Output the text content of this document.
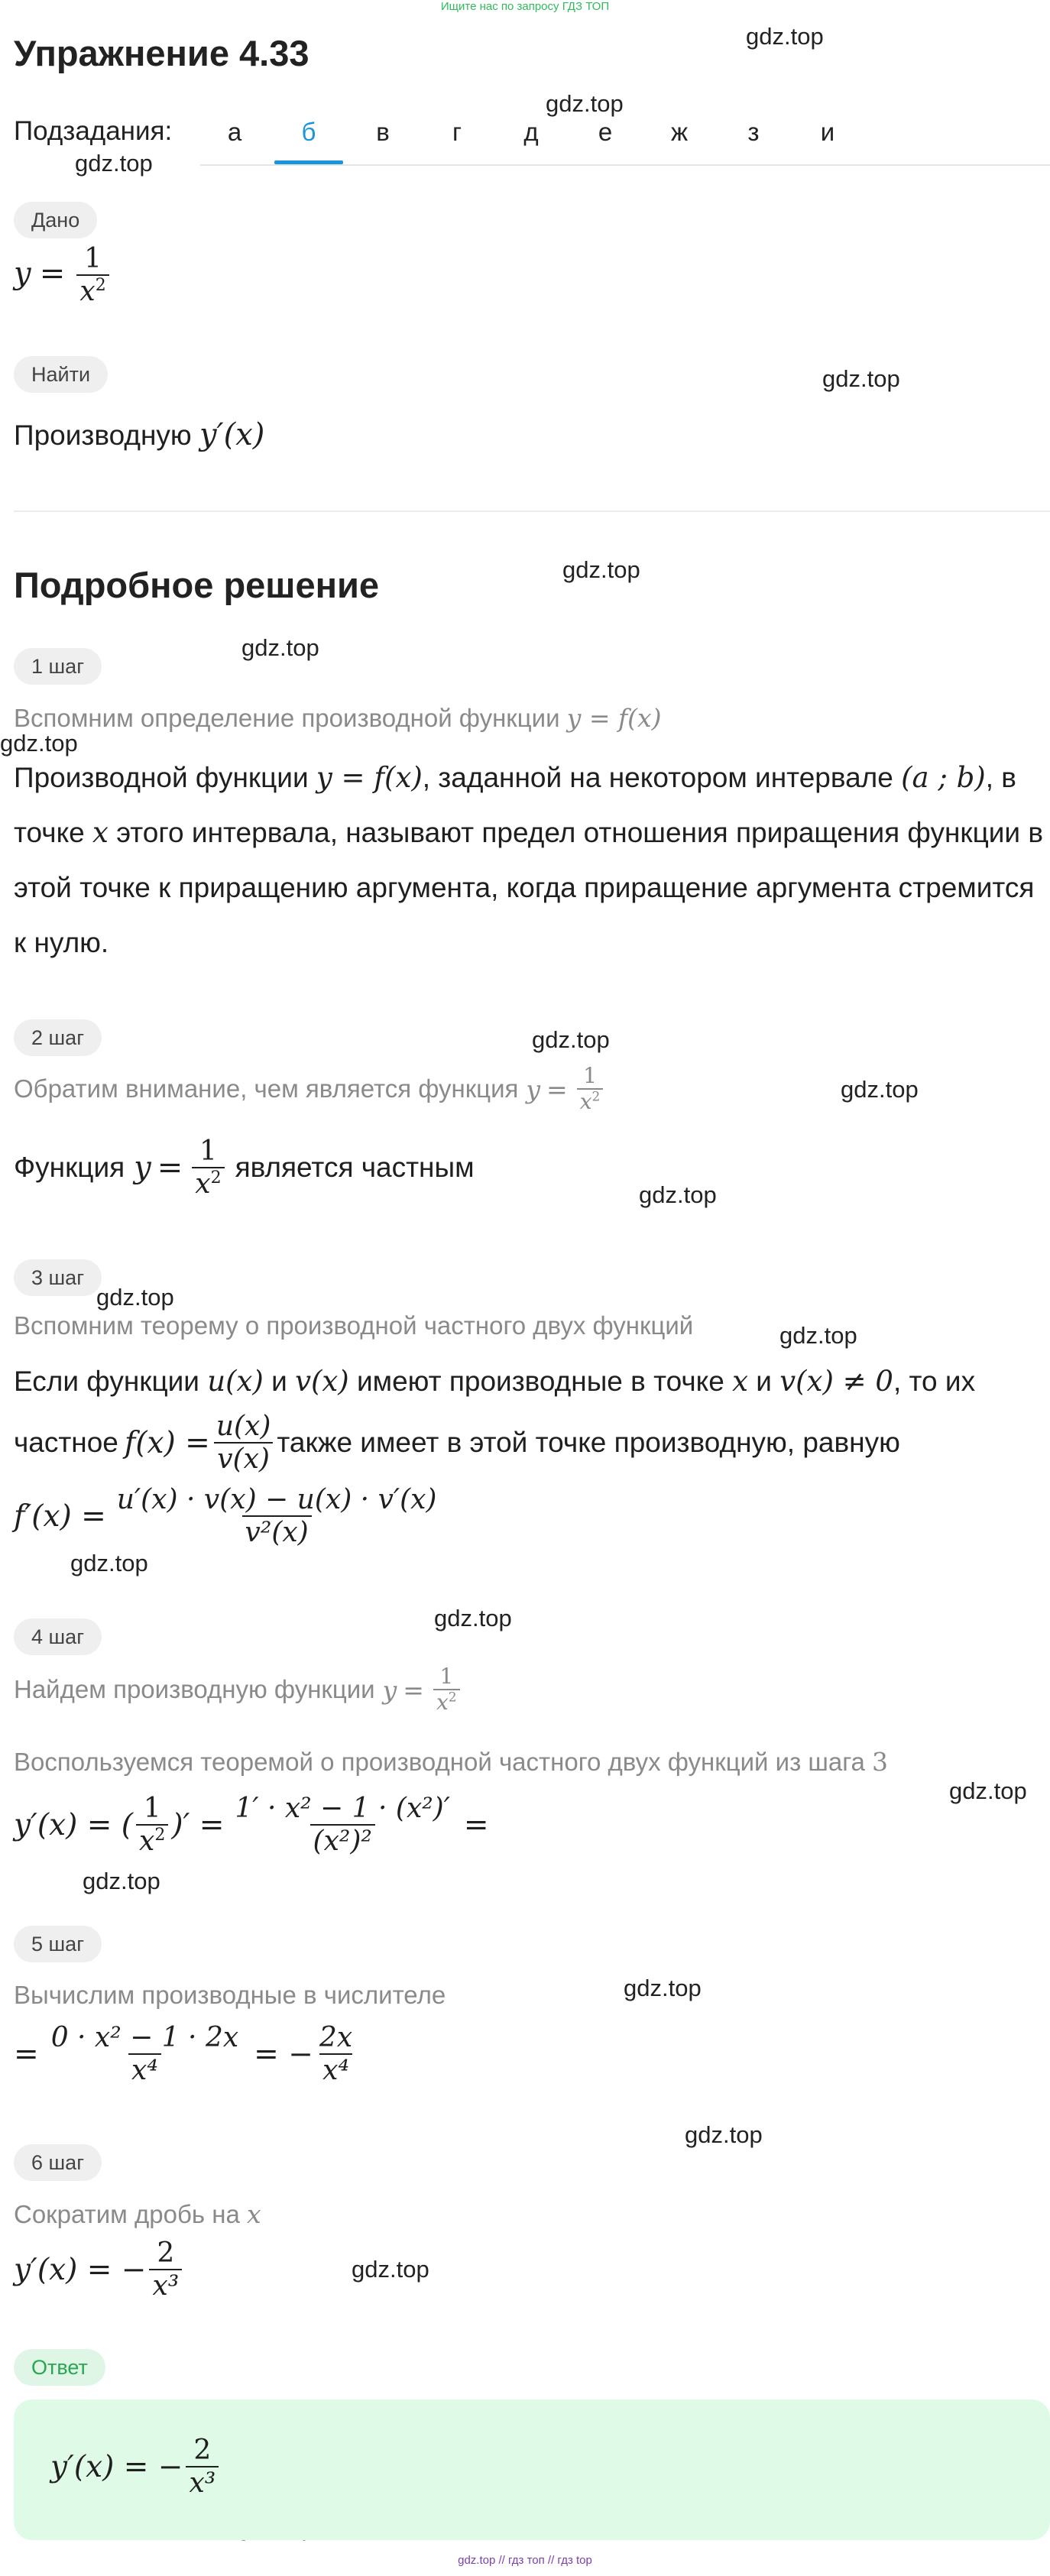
Ищите нас по запросу ГДЗ ТОП
gdz.top
gdz.top
gdz.top
gdz.top
gdz.top
gdz.top
gdz.top
gdz.top
gdz.top
gdz.top
gdz.top
gdz.top
gdz.top
gdz.top
gdz.top
gdz.top
gdz.top
gdz.top
gdz.top
Упражнение 4.33
Подзадания:	а	б	в	г	д	е	ж	з	и
Дано
$y = \frac{1}{x^2}$
Найти
Производную y′(x)
Подробное решение
1 шаг
Вспомним определение производной функции y = f(x)
Производной функции y = f(x), заданной на некотором интервале (a ; b), в точке x этого интервала, называют предел отношения приращения функции в этой точке к приращению аргумента, когда приращение аргумента стремится к нулю.
2 шаг
Обратим внимание, чем является функция $y = \frac{1}{x^2}$
Функция $y = \frac{1}{x^2}$ является частным
3 шаг
Вспомним теорему о производной частного двух функций
Если функции u(x) и v(x) имеют производные в точке x и v(x) ≠ 0, то их
частное $f(x) = \frac{u(x)}{v(x)}$ также имеет в этой точке производную, равную
$f'(x) = \frac{u'(x) \cdot v(x) - u(x) \cdot v'(x)}{\text{v²(x)}}$
4 шаг
Найдем производную функции $y = \frac{1}{x^2}$
Воспользуемся теоремой о производной частного двух функций из шага 3
y′(x) = ( $\frac{1}{x^2}$ )′ = $\frac{\text{1′ · x² − 1 · (x²)′}}{\text{(x²)²}}$ =
5 шаг
Вычислим производные в числителе
= $\frac{\text{0 · x² − 1 · 2x}}{\text{x⁴}}$ = − $\frac{2x}{\text{x⁴}}$
6 шаг
Сократим дробь на x
y′(x) = − $\frac{2}{\text{x³}}$
Ответ
y′(x) = − $\frac{2}{\text{x³}}$
gdz.top // гдз топ // гдз top
